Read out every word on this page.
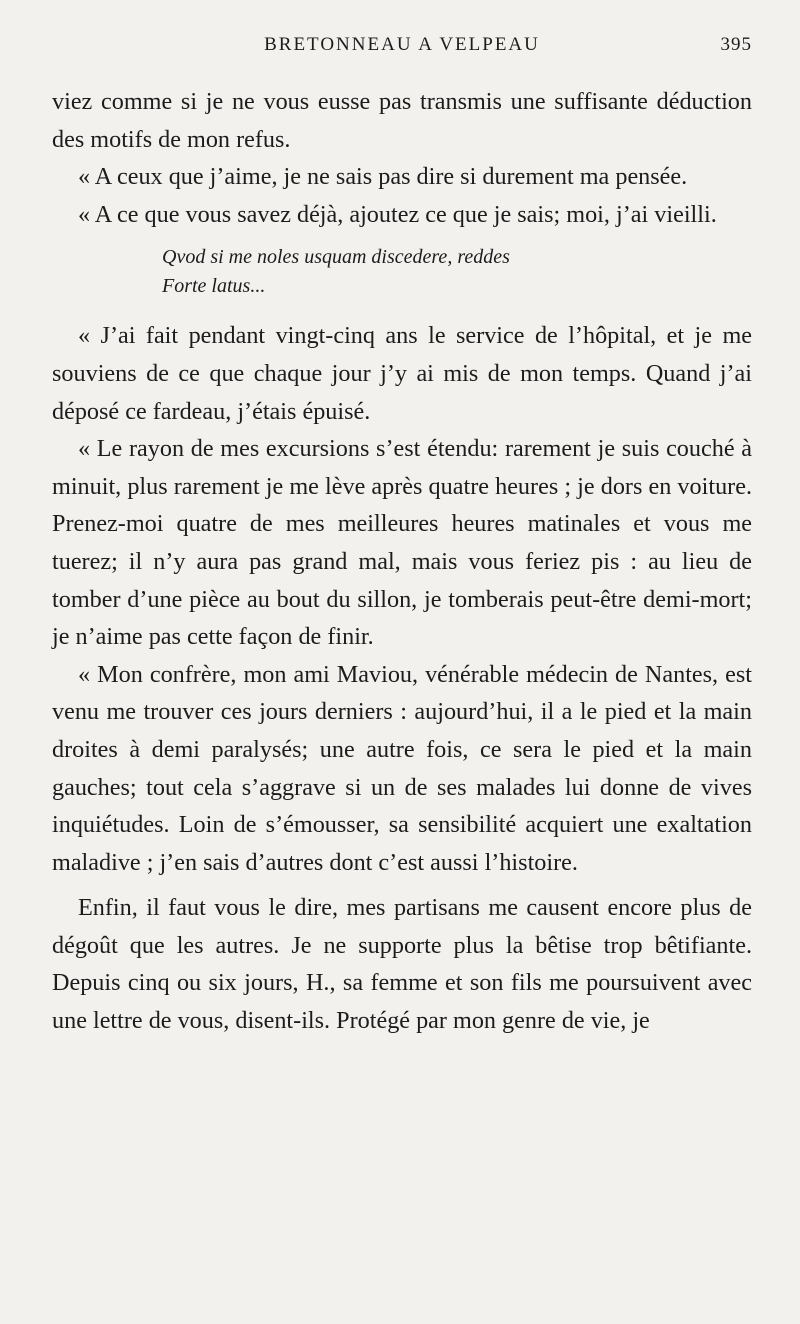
BRETONNEAU A VELPEAU	395

viez comme si je ne vous eusse pas transmis une suffisante déduction des motifs de mon refus.

« A ceux que j’aime, je ne sais pas dire si durement ma pensée.

« A ce que vous savez déjà, ajoutez ce que je sais; moi, j’ai vieilli.

Qvod si me noles usquam discedere, reddes
Forte latus...

« J’ai fait pendant vingt-cinq ans le service de l’hôpital, et je me souviens de ce que chaque jour j’y ai mis de mon temps. Quand j’ai déposé ce fardeau, j’étais épuisé.

« Le rayon de mes excursions s’est étendu: rarement je suis couché à minuit, plus rarement je me lève après quatre heures ; je dors en voiture. Prenez-moi quatre de mes meilleures heures matinales et vous me tuerez; il n’y aura pas grand mal, mais vous feriez pis : au lieu de tomber d’une pièce au bout du sillon, je tomberais peut-être demi-mort; je n’aime pas cette façon de finir.

« Mon confrère, mon ami Maviou, vénérable médecin de Nantes, est venu me trouver ces jours derniers : aujourd’hui, il a le pied et la main droites à demi paralysés; une autre fois, ce sera le pied et la main gauches; tout cela s’aggrave si un de ses malades lui donne de vives inquiétudes. Loin de s’émousser, sa sensibilité acquiert une exaltation maladive ; j’en sais d’autres dont c’est aussi l’histoire.

Enfin, il faut vous le dire, mes partisans me causent encore plus de dégoût que les autres. Je ne supporte plus la bêtise trop bêtifiante. Depuis cinq ou six jours, H., sa femme et son fils me poursuivent avec une lettre de vous, disent-ils. Protégé par mon genre de vie, je
